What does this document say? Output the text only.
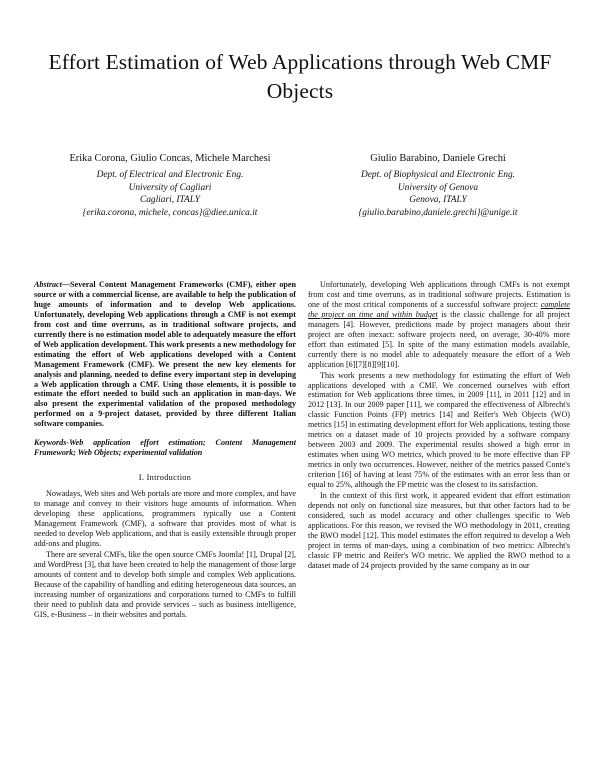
Effort Estimation of Web Applications through Web CMF Objects
Erika Corona, Giulio Concas, Michele Marchesi
Dept. of Electrical and Electronic Eng.
University of Cagliari
Cagliari, ITALY
{erika.corona, michele, concas}@diee.unica.it
Giulio Barabino, Daniele Grechi
Dept. of Biophysical and Electronic Eng.
University of Genova
Genova, ITALY
{giulio.barabino,daniele.grechi}@unige.it

Abstract—Several Content Management Frameworks (CMF), either open source or with a commercial license, are available to help the publication of huge amounts of information and to develop Web applications. Unfortunately, developing Web applications through a CMF is not exempt from cost and time overruns, as in traditional software projects, and currently there is no estimation model able to adequately measure the effort of Web application development. This work presents a new methodology for estimating the effort of Web applications developed with a Content Management Framework (CMF). We present the new key elements for analysis and planning, needed to define every important step in developing a Web application through a CMF. Using those elements, it is possible to estimate the effort needed to build such an application in man-days. We also present the experimental validation of the proposed methodology performed on a 9-project dataset, provided by three different Italian software companies.

Keywords-Web application effort estimation; Content Management Framework; Web Objects; experimental validation

I. Introduction

Nowadays, Web sites and Web portals are more and more complex, and have to manage and convey to their visitors huge amounts of information. When developing these applications, programmers typically use a Content Management Framework (CMF), a software that provides most of what is needed to develop Web applications, and that is easily extensible through proper add-ons and plugins.

There are several CMFs, like the open source CMFs Joomla! [1], Drupal [2], and WordPress [3], that have been created to help the management of those large amounts of content and to develop both simple and complex Web applications. Because of the capability of handling and editing heterogeneous data sources, an increasing number of organizations and corporations turned to CMFs to fulfill their need to publish data and provide services – such as business intelligence, GIS, e-Business – in their websites and portals.

Unfortunately, developing Web applications through CMFs is not exempt from cost and time overruns, as in traditional software projects. Estimation is one of the most critical components of a successful software project: complete the project on time and within budget is the classic challenge for all project managers [4]. However, predictions made by project managers about their project are often inexact: software projects need, on average, 30-40% more effort than estimated [5]. In spite of the many estimation models available, currently there is no model able to adequately measure the effort of a Web application [6][7][8][9][10].

This work presents a new methodology for estimating the effort of Web applications developed with a CMF. We concerned ourselves with effort estimation for Web applications three times, in 2009 [11], in 2011 [12] and in 2012 [13]. In our 2009 paper [11], we compared the effectiveness of Albrecht's classic Function Points (FP) metrics [14] and Reifer's Web Objects (WO) metrics [15] in estimating development effort for Web applications, testing those metrics on a dataset made of 10 projects provided by a software company between 2003 and 2009. The experimental results showed a high error in estimates when using WO metrics, which proved to be more effective than FP metrics in only two occurrences. However, neither of the metrics passed Conte's criterion [16] of having at least 75% of the estimates with an error less than or equal to 25%, although the FP metric was the closest to its satisfaction.

In the context of this first work, it appeared evident that effort estimation depends not only on functional size measures, but that other factors had to be considered, such as model accuracy and other challenges specific to Web applications. For this reason, we revised the WO methodology in 2011, creating the RWO model [12]. This model estimates the effort required to develop a Web project in terms of man-days, using a combination of two metrics: Albrecht's classic FP metric and Reifer's WO metric. We applied the RWO method to a dataset made of 24 projects provided by the same company as in our
